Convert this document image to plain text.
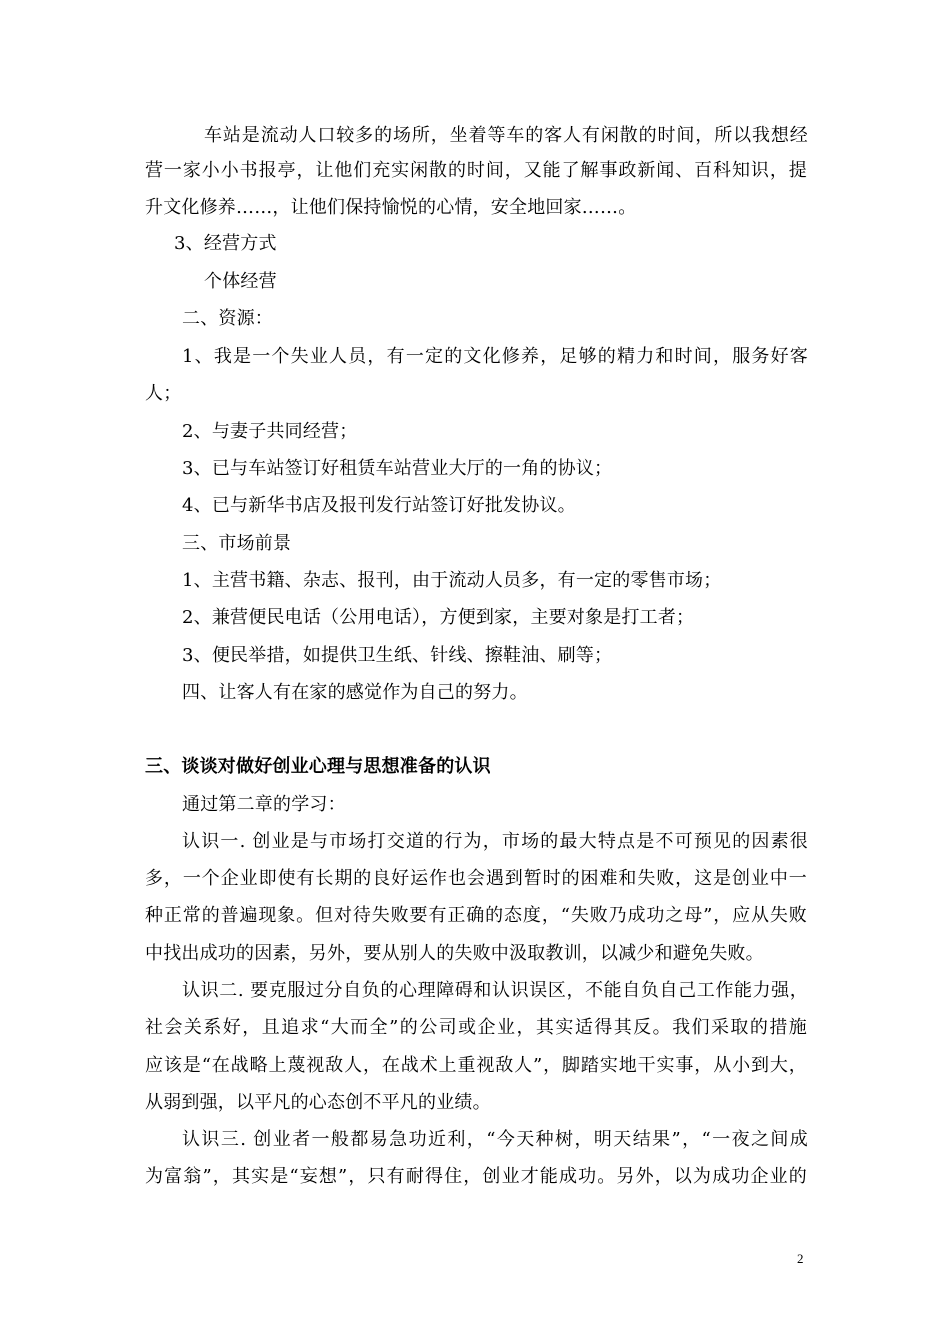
车站是流动人口较多的场所，坐着等车的客人有闲散的时间，所以我想经
营一家小小书报亭，让他们充实闲散的时间，又能了解事政新闻、百科知识，提
升文化修养……，让他们保持愉悦的心情，安全地回家……。
3、经营方式
个体经营
二、资源：
1、我是一个失业人员，有一定的文化修养，足够的精力和时间，服务好客
人；
2、与妻子共同经营；
3、已与车站签订好租赁车站营业大厅的一角的协议；
4、已与新华书店及报刊发行站签订好批发协议。
三、市场前景
1、主营书籍、杂志、报刊，由于流动人员多，有一定的零售市场；
2、兼营便民电话（公用电话），方便到家，主要对象是打工者；
3、便民举措，如提供卫生纸、针线、擦鞋油、刷等；
四、让客人有在家的感觉作为自己的努力。
三、谈谈对做好创业心理与思想准备的认识
通过第二章的学习：
认识一. 创业是与市场打交道的行为，市场的最大特点是不可预见的因素很
多，一个企业即使有长期的良好运作也会遇到暂时的困难和失败，这是创业中一
种正常的普遍现象。但对待失败要有正确的态度，“失败乃成功之母”，应从失败
中找出成功的因素，另外，要从别人的失败中汲取教训，以减少和避免失败。
认识二. 要克服过分自负的心理障碍和认识误区，不能自负自己工作能力强，
社会关系好，且追求“大而全”的公司或企业，其实适得其反。我们采取的措施
应该是“在战略上蔑视敌人，在战术上重视敌人”，脚踏实地干实事，从小到大，
从弱到强，以平凡的心态创不平凡的业绩。
认识三. 创业者一般都易急功近利，“今天种树，明天结果”，“一夜之间成
为富翁”，其实是“妄想”，只有耐得住，创业才能成功。另外，以为成功企业的
2
